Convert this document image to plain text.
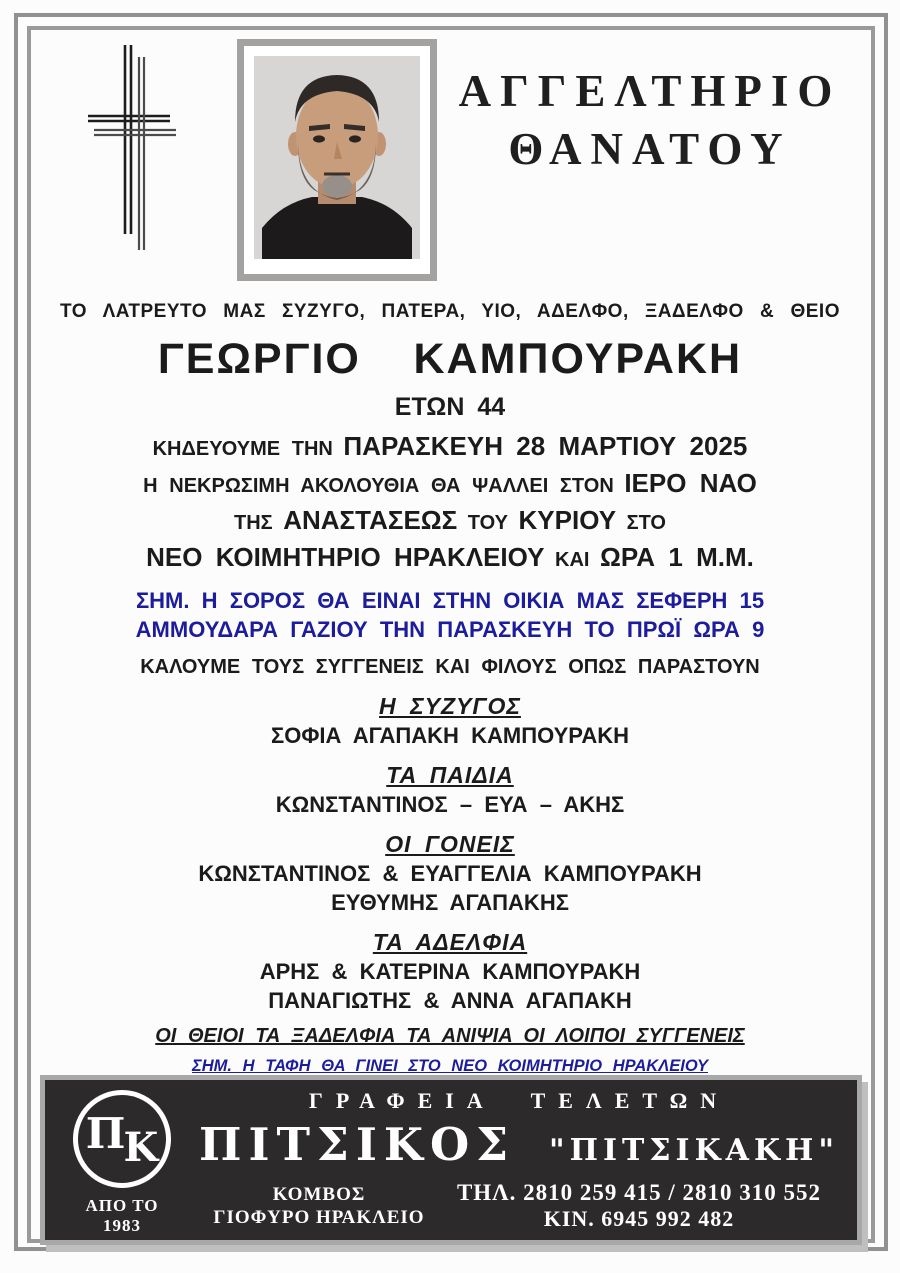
ΑΓΓΕΛΤΗΡΙΟ
ΘΑΝΑΤΟΥ
ΤΟ ΛΑΤΡΕΥΤΟ ΜΑΣ ΣΥΖΥΓΟ, ΠΑΤΕΡΑ, ΥΙΟ, ΑΔΕΛΦΟ, ΞΑΔΕΛΦΟ & ΘΕΙΟ
ΓΕΩΡΓΙΟ ΚΑΜΠΟΥΡΑΚΗ
ΕΤΩΝ 44
ΚΗΔΕΥΟΥΜΕ ΤΗΝ ΠΑΡΑΣΚΕΥΗ 28 ΜΑΡΤΙΟΥ 2025
Η ΝΕΚΡΩΣΙΜΗ ΑΚΟΛΟΥΘΙΑ ΘΑ ΨΑΛΛΕΙ ΣΤΟΝ ΙΕΡΟ ΝΑΟ
ΤΗΣ ΑΝΑΣΤΑΣΕΩΣ ΤΟΥ ΚΥΡΙΟΥ ΣΤΟ
ΝΕΟ ΚΟΙΜΗΤΗΡΙΟ ΗΡΑΚΛΕΙΟΥ ΚΑΙ ΩΡΑ 1 Μ.Μ.
ΣΗΜ. Η ΣΟΡΟΣ ΘΑ ΕΙΝΑΙ ΣΤΗΝ ΟΙΚΙΑ ΜΑΣ ΣΕΦΕΡΗ 15
ΑΜΜΟΥΔΑΡΑ ΓΑΖΙΟΥ ΤΗΝ ΠΑΡΑΣΚΕΥΗ ΤΟ ΠΡΩΪ ΩΡΑ 9
ΚΑΛΟΥΜΕ ΤΟΥΣ ΣΥΓΓΕΝΕΙΣ ΚΑΙ ΦΙΛΟΥΣ ΟΠΩΣ ΠΑΡΑΣΤΟΥΝ
Η ΣΥΖΥΓΟΣ
ΣΟΦΙΑ ΑΓΑΠΑΚΗ ΚΑΜΠΟΥΡΑΚΗ
ΤΑ ΠΑΙΔΙΑ
ΚΩΝΣΤΑΝΤΙΝΟΣ – ΕΥΑ – ΑΚΗΣ
ΟΙ ΓΟΝΕΙΣ
ΚΩΝΣΤΑΝΤΙΝΟΣ & ΕΥΑΓΓΕΛΙΑ ΚΑΜΠΟΥΡΑΚΗ
ΕΥΘΥΜΗΣ ΑΓΑΠΑΚΗΣ
ΤΑ ΑΔΕΛΦΙΑ
ΑΡΗΣ & ΚΑΤΕΡΙΝΑ ΚΑΜΠΟΥΡΑΚΗ
ΠΑΝΑΓΙΩΤΗΣ & ΑΝΝΑ ΑΓΑΠΑΚΗ
ΟΙ ΘΕΙΟΙ ΤΑ ΞΑΔΕΛΦΙΑ ΤΑ ΑΝΙΨΙΑ ΟΙ ΛΟΙΠΟΙ ΣΥΓΓΕΝΕΙΣ
ΣΗΜ. Η ΤΑΦΗ ΘΑ ΓΙΝΕΙ ΣΤΟ ΝΕΟ ΚΟΙΜΗΤΗΡΙΟ ΗΡΑΚΛΕΙΟΥ
Π
Κ
ΑΠΟ ΤΟ
1983
ΓΡΑΦΕΙΑ ΤΕΛΕΤΩΝ
ΠΙΤΣΙΚΟΣ "ΠΙΤΣΙΚΑΚΗ"
ΚΟΜΒΟΣ
ΓΙΟΦΥΡΟ ΗΡΑΚΛΕΙΟ
ΤΗΛ. 2810 259 415 / 2810 310 552
ΚΙΝ. 6945 992 482
